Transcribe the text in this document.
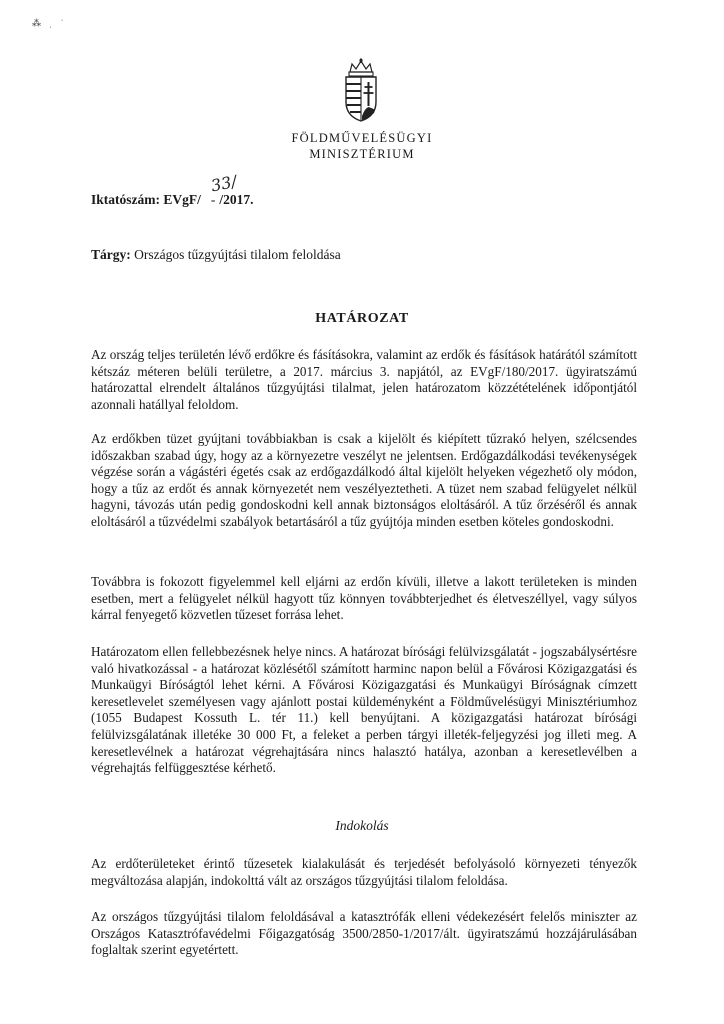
⁂ ˌ ˈ
FÖLDMŰVELÉSÜGYI
MINISZTÉRIUM
Iktatószám: EVgF/
33/
- /2017.
Tárgy: Országos tűzgyújtási tilalom feloldása
HATÁROZAT

Az ország teljes területén lévő erdőkre és fásításokra, valamint az erdők és fásítások határától számított kétszáz méteren belüli területre, a 2017. március 3. napjától, az EVgF/180/2017. ügyiratszámú határozattal elrendelt általános tűzgyújtási tilalmat, jelen határozatom közzétételének időpontjától azonnali hatállyal feloldom.

Az erdőkben tüzet gyújtani továbbiakban is csak a kijelölt és kiépített tűzrakó helyen, szélcsendes időszakban szabad úgy, hogy az a környezetre veszélyt ne jelentsen. Erdőgazdálkodási tevékenységek végzése során a vágástéri égetés csak az erdőgazdálkodó által kijelölt helyeken végezhető oly módon, hogy a tűz az erdőt és annak környezetét nem veszélyeztetheti. A tüzet nem szabad felügyelet nélkül hagyni, távozás után pedig gondoskodni kell annak biztonságos eloltásáról. A tűz őrzéséről és annak eloltásáról a tűzvédelmi szabályok betartásáról a tűz gyújtója minden esetben köteles gondoskodni.

Továbbra is fokozott figyelemmel kell eljárni az erdőn kívüli, illetve a lakott területeken is minden esetben, mert a felügyelet nélkül hagyott tűz könnyen továbbterjedhet és életveszéllyel, vagy súlyos kárral fenyegető közvetlen tűzeset forrása lehet.

Határozatom ellen fellebbezésnek helye nincs. A határozat bírósági felülvizsgálatát - jogszabálysértésre való hivatkozással - a határozat közlésétől számított harminc napon belül a Fővárosi Közigazgatási és Munkaügyi Bíróságtól lehet kérni. A Fővárosi Közigazgatási és Munkaügyi Bíróságnak címzett keresetlevelet személyesen vagy ajánlott postai küldeményként a Földművelésügyi Minisztériumhoz (1055 Budapest Kossuth L. tér 11.) kell benyújtani. A közigazgatási határozat bírósági felülvizsgálatának illetéke 30 000 Ft, a feleket a perben tárgyi illeték-feljegyzési jog illeti meg. A keresetlevélnek a határozat végrehajtására nincs halasztó hatálya, azonban a keresetlevélben a végrehajtás felfüggesztése kérhető.

Indokolás

Az erdőterületeket érintő tűzesetek kialakulását és terjedését befolyásoló környezeti tényezők megváltozása alapján, indokolttá vált az országos tűzgyújtási tilalom feloldása.

Az országos tűzgyújtási tilalom feloldásával a katasztrófák elleni védekezésért felelős miniszter az Országos Katasztrófavédelmi Főigazgatóság 3500/2850-1/2017/ált. ügyiratszámú hozzájárulásában foglaltak szerint egyetértett.
